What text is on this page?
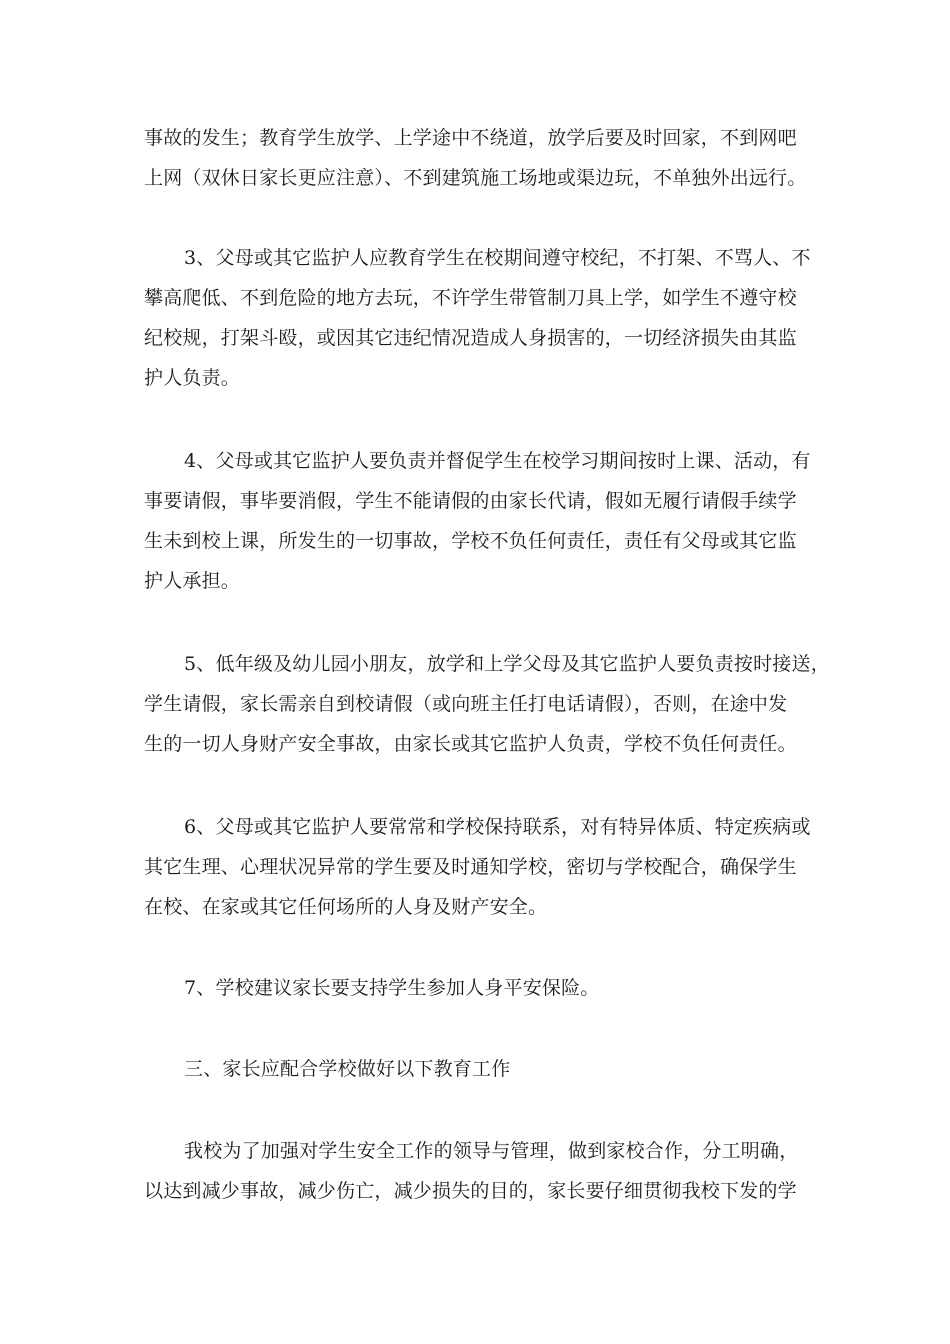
事故的发生；教育学生放学、上学途中不绕道，放学后要及时回家，不到网吧
上网（双休日家长更应注意）、不到建筑施工场地或渠边玩，不单独外出远行。
3、父母或其它监护人应教育学生在校期间遵守校纪，不打架、不骂人、不
攀高爬低、不到危险的地方去玩，不许学生带管制刀具上学，如学生不遵守校
纪校规，打架斗殴，或因其它违纪情况造成人身损害的，一切经济损失由其监
护人负责。
4、父母或其它监护人要负责并督促学生在校学习期间按时上课、活动，有
事要请假，事毕要消假，学生不能请假的由家长代请，假如无履行请假手续学
生未到校上课，所发生的一切事故，学校不负任何责任，责任有父母或其它监
护人承担。
5、低年级及幼儿园小朋友，放学和上学父母及其它监护人要负责按时接送，
学生请假，家长需亲自到校请假（或向班主任打电话请假），否则，在途中发
生的一切人身财产安全事故，由家长或其它监护人负责，学校不负任何责任。
6、父母或其它监护人要常常和学校保持联系，对有特异体质、特定疾病或
其它生理、心理状况异常的学生要及时通知学校，密切与学校配合，确保学生
在校、在家或其它任何场所的人身及财产安全。
7、学校建议家长要支持学生参加人身平安保险。
三、家长应配合学校做好以下教育工作
我校为了加强对学生安全工作的领导与管理，做到家校合作，分工明确，
以达到减少事故，减少伤亡，减少损失的目的，家长要仔细贯彻我校下发的学
